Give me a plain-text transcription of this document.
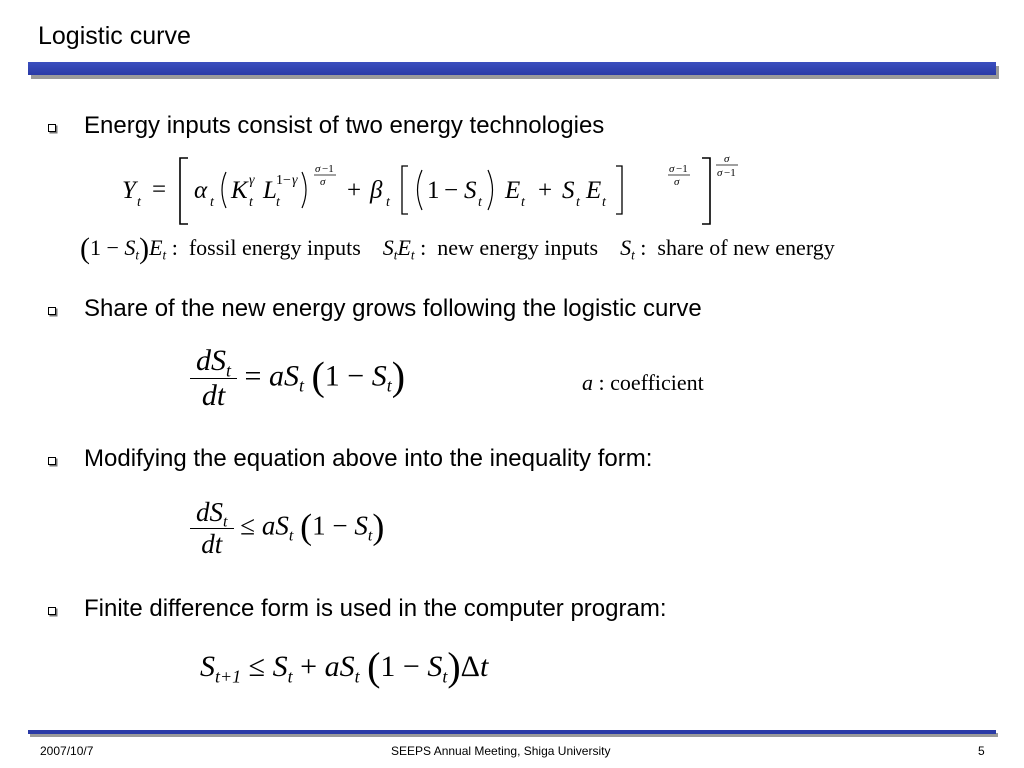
Logistic curve
Energy inputs consist of two energy technologies
Y t = α t K γ
t L 1− γ
t
σ −1
σ + β t 1 − S t E t + S t E t
σ −1
σ
σ
σ −1
$(1 - S_t)E_t$ :  fossil energy inputs $S_tE_t$ :  new energy inputs $S_t$ :  share of new energy
Share of the new energy grows following the logistic curve
$\frac{dS_t}{dt} = aS_t$ $(1 - S_t)$	a : coefficient
Modifying the equation above into the inequality form:
$\frac{dS_t}{dt} \le aS_t$ $(1 - S_t)$
Finite difference form is used in the computer program:
$S_{t+1} \le S_t + aS_t$ $(1 - S_t)\Delta t$
2007/10/7	SEEPS Annual Meeting, Shiga University	5
